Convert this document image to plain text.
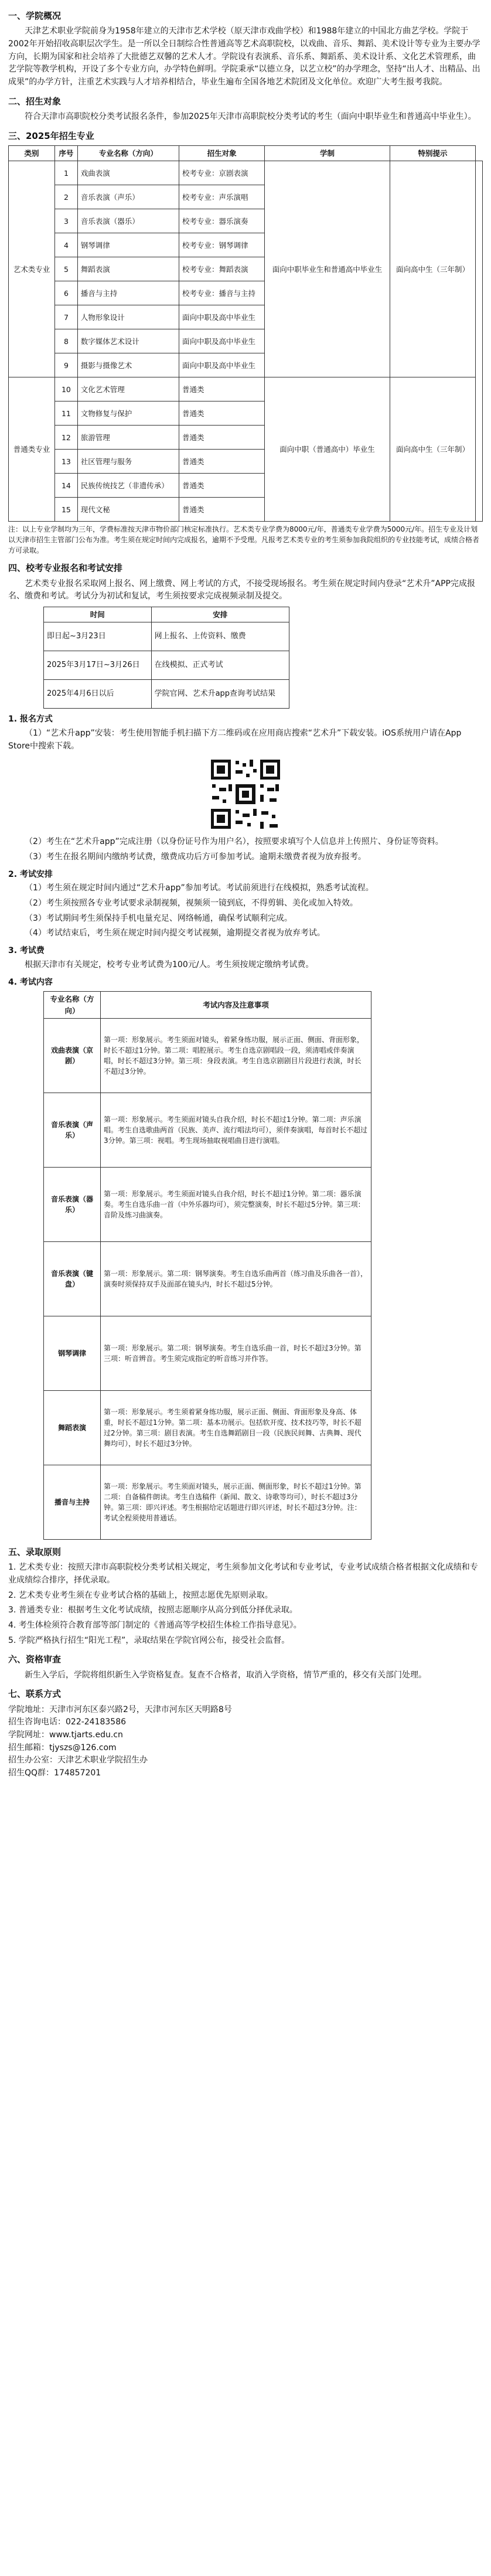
一、学院概况

天津艺术职业学院前身为1958年建立的天津市艺术学校（原天津市戏曲学校）和1988年建立的中国北方曲艺学校。学院于2002年开始招收高职层次学生。是一所以全日制综合性普通高等艺术高职院校，以戏曲、音乐、舞蹈、美术设计等专业为主要办学方向，长期为国家和社会培养了大批德艺双馨的艺术人才。学院设有表演系、音乐系、舞蹈系、美术设计系、文化艺术管理系，曲艺学院等教学机构，开设了多个专业方向，办学特色鲜明。学院秉承“以德立身，以艺立校”的办学理念，坚持“出人才、出精品、出成果”的办学方针，注重艺术实践与人才培养相结合，毕业生遍布全国各地艺术院团及文化单位。欢迎广大考生报考我院。

二、招生对象

符合天津市高职院校分类考试报名条件，参加2025年天津市高职院校分类考试的考生（面向中职毕业生和普通高中毕业生）。

三、2025年招生专业
类别	序号	专业名称（方向）	招生对象	学制	特别提示	
艺术类专业	1	戏曲表演	校考专业：京剧表演	面向中职毕业生和普通高中毕业生	面向高中生（三年制）	
	2	音乐表演（声乐）	校考专业：声乐演唱			
	3	音乐表演（器乐）	校考专业：器乐演奏			
	4	钢琴调律	校考专业：钢琴调律			
	5	舞蹈表演	校考专业：舞蹈表演			
	6	播音与主持	校考专业：播音与主持			
	7	人物形象设计	面向中职及高中毕业生			
	8	数字媒体艺术设计	面向中职及高中毕业生			
	9	摄影与摄像艺术	面向中职及高中毕业生			
普通类专业	10	文化艺术管理	普通类	面向中职（普通高中）毕业生	面向高中生（三年制）	
	11	文物修复与保护	普通类			
	12	旅游管理	普通类			
	13	社区管理与服务	普通类			
	14	民族传统技艺（非遗传承）	普通类			
	15	现代文秘	普通类			
注：以上专业学制均为三年，学费标准按天津市物价部门核定标准执行。艺术类专业学费为8000元/年，普通类专业学费为5000元/年。招生专业及计划以天津市招生主管部门公布为准。考生须在规定时间内完成报名，逾期不予受理。凡报考艺术类专业的考生须参加我院组织的专业技能考试，成绩合格者方可录取。
四、校考专业报名和考试安排

艺术类专业报名采取网上报名、网上缴费、网上考试的方式，不接受现场报名。考生须在规定时间内登录“艺术升”APP完成报名、缴费和考试。考试分为初试和复试，考生须按要求完成视频录制及提交。

时间	安排
即日起~3月23日	网上报名、上传资料、缴费
2025年3月17日~3月26日	在线模拟、正式考试
2025年4月6日以后	学院官网、艺术升app查询考试结果
1. 报名方式

（1）“艺术升app”安装：考生使用智能手机扫描下方二维码或在应用商店搜索“艺术升”下载安装。iOS系统用户请在App Store中搜索下载。

（2）考生在“艺术升app”完成注册（以身份证号作为用户名），按照要求填写个人信息并上传照片、身份证等资料。

（3）考生在报名期间内缴纳考试费，缴费成功后方可参加考试。逾期未缴费者视为放弃报考。

2. 考试安排

（1）考生须在规定时间内通过“艺术升app”参加考试。考试前须进行在线模拟，熟悉考试流程。

（2）考生须按照各专业考试要求录制视频，视频须一镜到底，不得剪辑、美化或加入特效。

（3）考试期间考生须保持手机电量充足、网络畅通，确保考试顺利完成。

（4）考试结束后，考生须在规定时间内提交考试视频，逾期提交者视为放弃考试。

3. 考试费

根据天津市有关规定，校考专业考试费为100元/人。考生须按规定缴纳考试费。

4. 考试内容
专业名称（方向）	考试内容及注意事项
戏曲表演（京剧）	第一项：形象展示。考生须面对镜头，着紧身练功服，展示正面、侧面、背面形象，时长不超过1分钟。第二项：唱腔展示。考生自选京剧唱段一段，须清唱或伴奏演唱，时长不超过3分钟。第三项：身段表演。考生自选京剧剧目片段进行表演，时长不超过3分钟。
音乐表演（声乐）	第一项：形象展示。考生须面对镜头自我介绍，时长不超过1分钟。第二项：声乐演唱。考生自选歌曲两首（民族、美声、流行唱法均可），须伴奏演唱，每首时长不超过3分钟。第三项：视唱。考生现场抽取视唱曲目进行演唱。
音乐表演（器乐）	第一项：形象展示。考生须面对镜头自我介绍，时长不超过1分钟。第二项：器乐演奏。考生自选乐曲一首（中外乐器均可），须完整演奏，时长不超过5分钟。第三项：音阶及练习曲演奏。
音乐表演（键盘）	第一项：形象展示。第二项：钢琴演奏。考生自选乐曲两首（练习曲及乐曲各一首），演奏时须保持双手及面部在镜头内，时长不超过5分钟。
钢琴调律	第一项：形象展示。第二项：钢琴演奏。考生自选乐曲一首，时长不超过3分钟。第三项：听音辨音。考生须完成指定的听音练习并作答。
舞蹈表演	第一项：形象展示。考生须着紧身练功服，展示正面、侧面、背面形象及身高、体重，时长不超过1分钟。第二项：基本功展示。包括软开度、技术技巧等，时长不超过2分钟。第三项：剧目表演。考生自选舞蹈剧目一段（民族民间舞、古典舞、现代舞均可），时长不超过3分钟。
播音与主持	第一项：形象展示。考生须面对镜头，展示正面、侧面形象，时长不超过1分钟。第二项：自备稿件朗读。考生自选稿件（新闻、散文、诗歌等均可），时长不超过3分钟。第三项：即兴评述。考生根据给定话题进行即兴评述，时长不超过3分钟。注：考试全程须使用普通话。
五、录取原则

1. 艺术类专业：按照天津市高职院校分类考试相关规定，考生须参加文化考试和专业考试，专业考试成绩合格者根据文化成绩和专业成绩综合排序，择优录取。

2. 艺术类专业考生须在专业考试合格的基础上，按照志愿优先原则录取。

3. 普通类专业：根据考生文化考试成绩，按照志愿顺序从高分到低分择优录取。

4. 考生体检须符合教育部等部门制定的《普通高等学校招生体检工作指导意见》。

5. 学院严格执行招生“阳光工程”，录取结果在学院官网公布，接受社会监督。

六、资格审查

新生入学后，学院将组织新生入学资格复查。复查不合格者，取消入学资格，情节严重的，移交有关部门处理。

七、联系方式

学院地址：天津市河东区泰兴路2号，天津市河东区天明路8号

招生咨询电话：022-24183586

学院网址：www.tjarts.edu.cn

招生邮箱：tjyszs@126.com

招生办公室：天津艺术职业学院招生办

招生QQ群：174857201
